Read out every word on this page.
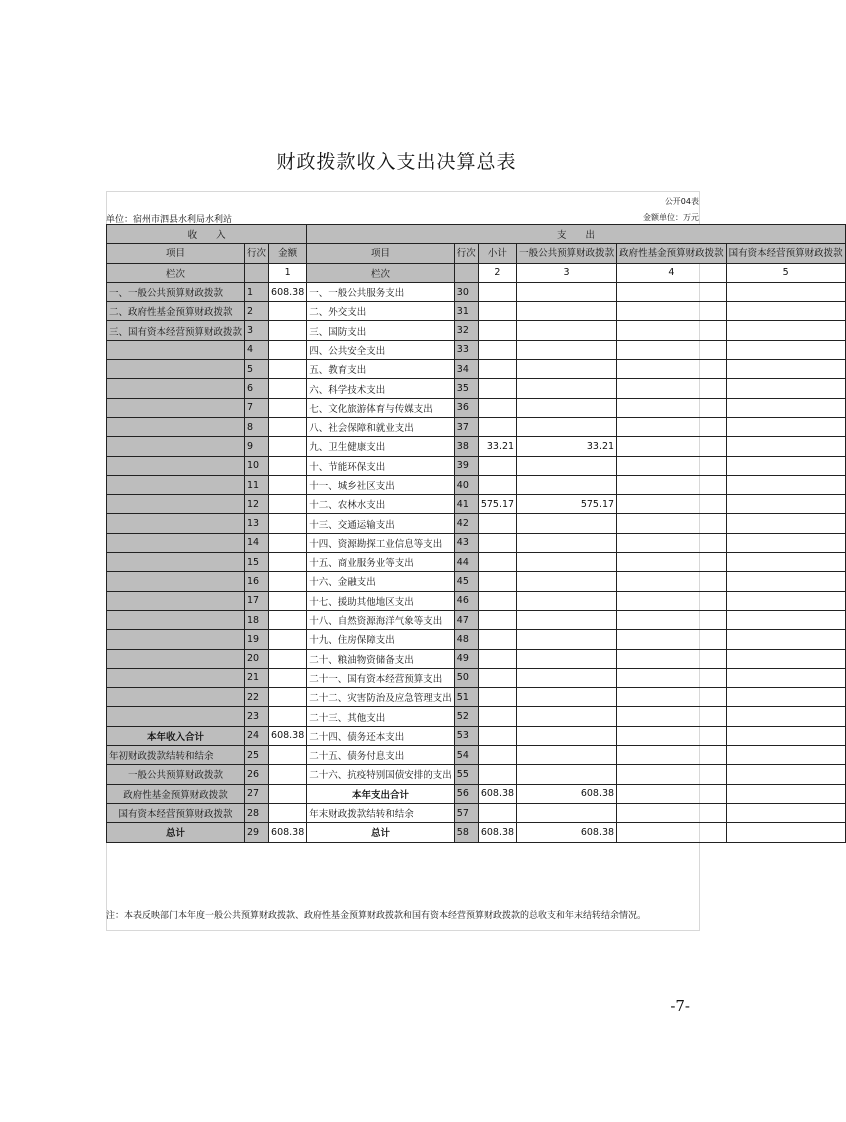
财政拨款收入支出决算总表
公开04表
单位：宿州市泗县水利局水利站	金额单位：万元
收　　入			支　　出					
项目	行次	金额	项目	行次	小计	一般公共预算财政拨款	政府性基金预算财政拨款	国有资本经营预算财政拨款
栏次		1	栏次		2	3	4	5
一、一般公共预算财政拨款	1	608.38	一、一般公共服务支出	30				
二、政府性基金预算财政拨款	2		二、外交支出	31				
三、国有资本经营预算财政拨款	3		三、国防支出	32				
	4		四、公共安全支出	33				
	5		五、教育支出	34				
	6		六、科学技术支出	35				
	7		七、文化旅游体育与传媒支出	36				
	8		八、社会保障和就业支出	37				
	9		九、卫生健康支出	38	33.21	33.21		
	10		十、节能环保支出	39				
	11		十一、城乡社区支出	40				
	12		十二、农林水支出	41	575.17	575.17		
	13		十三、交通运输支出	42				
	14		十四、资源勘探工业信息等支出	43				
	15		十五、商业服务业等支出	44				
	16		十六、金融支出	45				
	17		十七、援助其他地区支出	46				
	18		十八、自然资源海洋气象等支出	47				
	19		十九、住房保障支出	48				
	20		二十、粮油物资储备支出	49				
	21		二十一、国有资本经营预算支出	50				
	22		二十二、灾害防治及应急管理支出	51				
	23		二十三、其他支出	52				
本年收入合计	24	608.38	二十四、债务还本支出	53				
年初财政拨款结转和结余	25		二十五、债务付息支出	54				
一般公共预算财政拨款	26		二十六、抗疫特别国债安排的支出	55				
政府性基金预算财政拨款	27		本年支出合计	56	608.38	608.38		
国有资本经营预算财政拨款	28		年末财政拨款结转和结余	57				
总计	29	608.38	总计	58	608.38	608.38		
注：本表反映部门本年度一般公共预算财政拨款、政府性基金预算财政拨款和国有资本经营预算财政拨款的总收支和年末结转结余情况。
-7-
